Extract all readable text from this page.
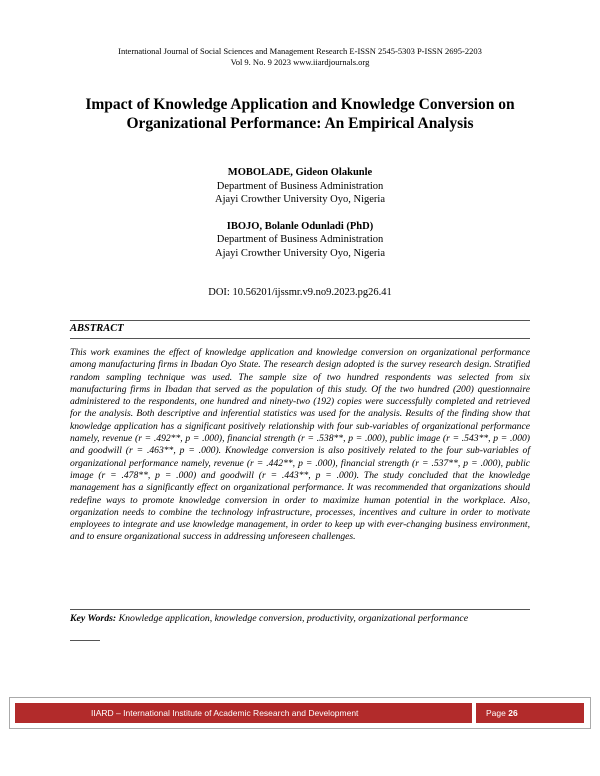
International Journal of Social Sciences and Management Research E-ISSN 2545-5303 P-ISSN 2695-2203
Vol 9. No. 9 2023 www.iiardjournals.org
Impact of Knowledge Application and Knowledge Conversion on Organizational Performance: An Empirical Analysis
MOBOLADE, Gideon Olakunle
Department of Business Administration
Ajayi Crowther University Oyo, Nigeria
IBOJO, Bolanle Odunladi (PhD)
Department of Business Administration
Ajayi Crowther University Oyo, Nigeria
DOI: 10.56201/ijssmr.v9.no9.2023.pg26.41
ABSTRACT
This work examines the effect of knowledge application and knowledge conversion on organizational performance among manufacturing firms in Ibadan Oyo State. The research design adopted is the survey research design. Stratified random sampling technique was used. The sample size of two hundred respondents was selected from six manufacturing firms in Ibadan that served as the population of this study. Of the two hundred (200) questionnaire administered to the respondents, one hundred and ninety-two (192) copies were successfully completed and retrieved for the analysis. Both descriptive and inferential statistics was used for the analysis. Results of the finding show that knowledge application has a significant positively relationship with four sub-variables of organizational performance namely, revenue (r = .492**, p = .000), financial strength (r = .538**, p = .000), public image (r = .543**, p = .000) and goodwill (r = .463**, p = .000). Knowledge conversion is also positively related to the four sub-variables of organizational performance namely, revenue (r = .442**, p = .000), financial strength (r = .537**, p = .000), public image (r = .478**, p = .000) and goodwill (r = .443**, p = .000). The study concluded that the knowledge management has a significantly effect on organizational performance. It was recommended that organizations should redefine ways to promote knowledge conversion in order to maximize human potential in the workplace. Also, organization needs to combine the technology infrastructure, processes, incentives and culture in order to motivate employees to integrate and use knowledge management, in order to keep up with ever-changing business environment, and to ensure organizational success in addressing unforeseen challenges.
Key Words: Knowledge application, knowledge conversion, productivity, organizational performance
IIARD – International Institute of Academic Research and Development	Page 26
